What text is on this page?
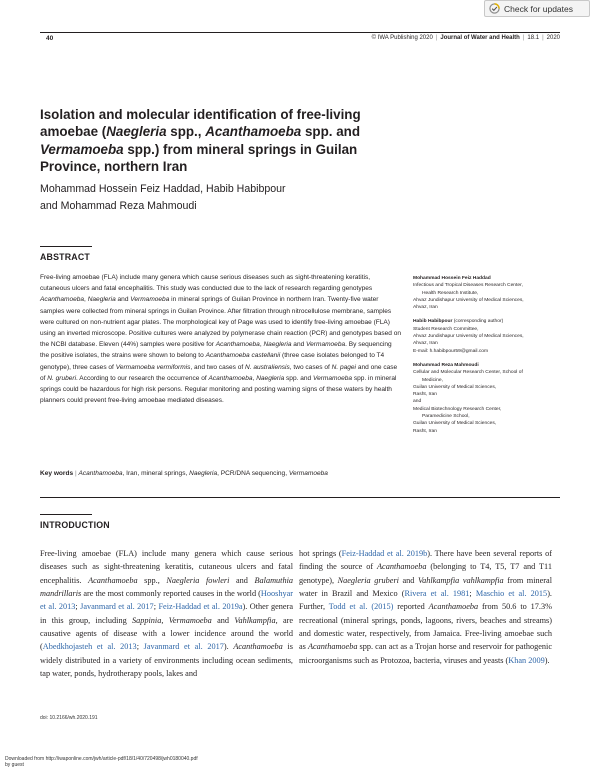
Check for updates
40	© IWA Publishing 2020 | Journal of Water and Health | 18.1 | 2020
Isolation and molecular identification of free-living amoebae (Naegleria spp., Acanthamoeba spp. and Vermamoeba spp.) from mineral springs in Guilan Province, northern Iran
Mohammad Hossein Feiz Haddad, Habib Habibpour
and Mohammad Reza Mahmoudi
ABSTRACT
Free-living amoebae (FLA) include many genera which cause serious diseases such as sight-threatening keratitis, cutaneous ulcers and fatal encephalitis. This study was conducted due to the lack of research regarding genotypes Acanthamoeba, Naegleria and Vermamoeba in mineral springs of Guilan Province in northern Iran. Twenty-five water samples were collected from mineral springs in Guilan Province. After filtration through nitrocellulose membrane, samples were cultured on non-nutrient agar plates. The morphological key of Page was used to identify free-living amoebae (FLA) using an inverted microscope. Positive cultures were analyzed by polymerase chain reaction (PCR) and genotypes based on the NCBI database. Eleven (44%) samples were positive for Acanthamoeba, Naegleria and Vermamoeba. By sequencing the positive isolates, the strains were shown to belong to Acanthamoeba castellanii (three case isolates belonged to T4 genotype), three cases of Vermamoeba vermiformis, and two cases of N. australiensis, two cases of N. pagei and one case of N. gruberi. According to our research the occurrence of Acanthamoeba, Naegleria spp. and Vermamoeba spp. in mineral springs could be hazardous for high risk persons. Regular monitoring and posting warning signs of these waters by health planners could prevent free-living amoebae mediated diseases.
Key words | Acanthamoeba, Iran, mineral springs, Naegleria, PCR/DNA sequencing, Vermamoeba
Mohammad Hossein Feiz Haddad
Infectious and Tropical Diseases Research Center,
Health Research Institute,
Ahvaz Jundishapur University of Medical Sciences,
Ahvaz, Iran
Habib Habibpour (corresponding author)
Student Research Committee,
Ahvaz Jundishapur University of Medical Sciences,
Ahvaz, Iran
E-mail: h.habibpour59@gmail.com
Mohammad Reza Mahmoudi
Cellular and Molecular Research Center, School of
Medicine,
Guilan University of Medical Sciences,
Rasht, Iran
and
Medical Biotechnology Research Center,
Paramedicine School,
Guilan University of Medical Sciences,
Rasht, Iran
INTRODUCTION
Free-living amoebae (FLA) include many genera which cause serious diseases such as sight-threatening keratitis, cutaneous ulcers and fatal encephalitis. Acanthamoeba spp., Naegleria fowleri and Balamuthia mandrillaris are the most commonly reported causes in the world (Hooshyar et al. 2013; Javanmard et al. 2017; Feiz-Haddad et al. 2019a). Other genera in this group, including Sappinia, Vermamoeba and Vahlkampfia, are causative agents of disease with a lower incidence around the world (Abedkhojasteh et al. 2013; Javanmard et al. 2017). Acanthamoeba is widely distributed in a variety of environments including ocean sediments, tap water, ponds, hydrotherapy pools, lakes and
hot springs (Feiz-Haddad et al. 2019b). There have been several reports of finding the source of Acanthamoeba (belonging to T4, T5, T7 and T11 genotype), Naegleria gruberi and Vahlkampfia vahlkampfia from mineral water in Brazil and Mexico (Rivera et al. 1981; Maschio et al. 2015). Further, Todd et al. (2015) reported Acanthamoeba from 50.6 to 17.3% recreational (mineral springs, ponds, lagoons, rivers, beaches and streams) and domestic water, respectively, from Jamaica. Free-living amoebae such as Acanthamoeba spp. can act as a Trojan horse and reservoir for pathogenic microorganisms such as Protozoa, bacteria, viruses and yeasts (Khan 2009).
doi: 10.2166/wh.2020.191
Downloaded from http://iwaponline.com/jwh/article-pdf/18/1/40/720498/jwh0180040.pdf
by guest
